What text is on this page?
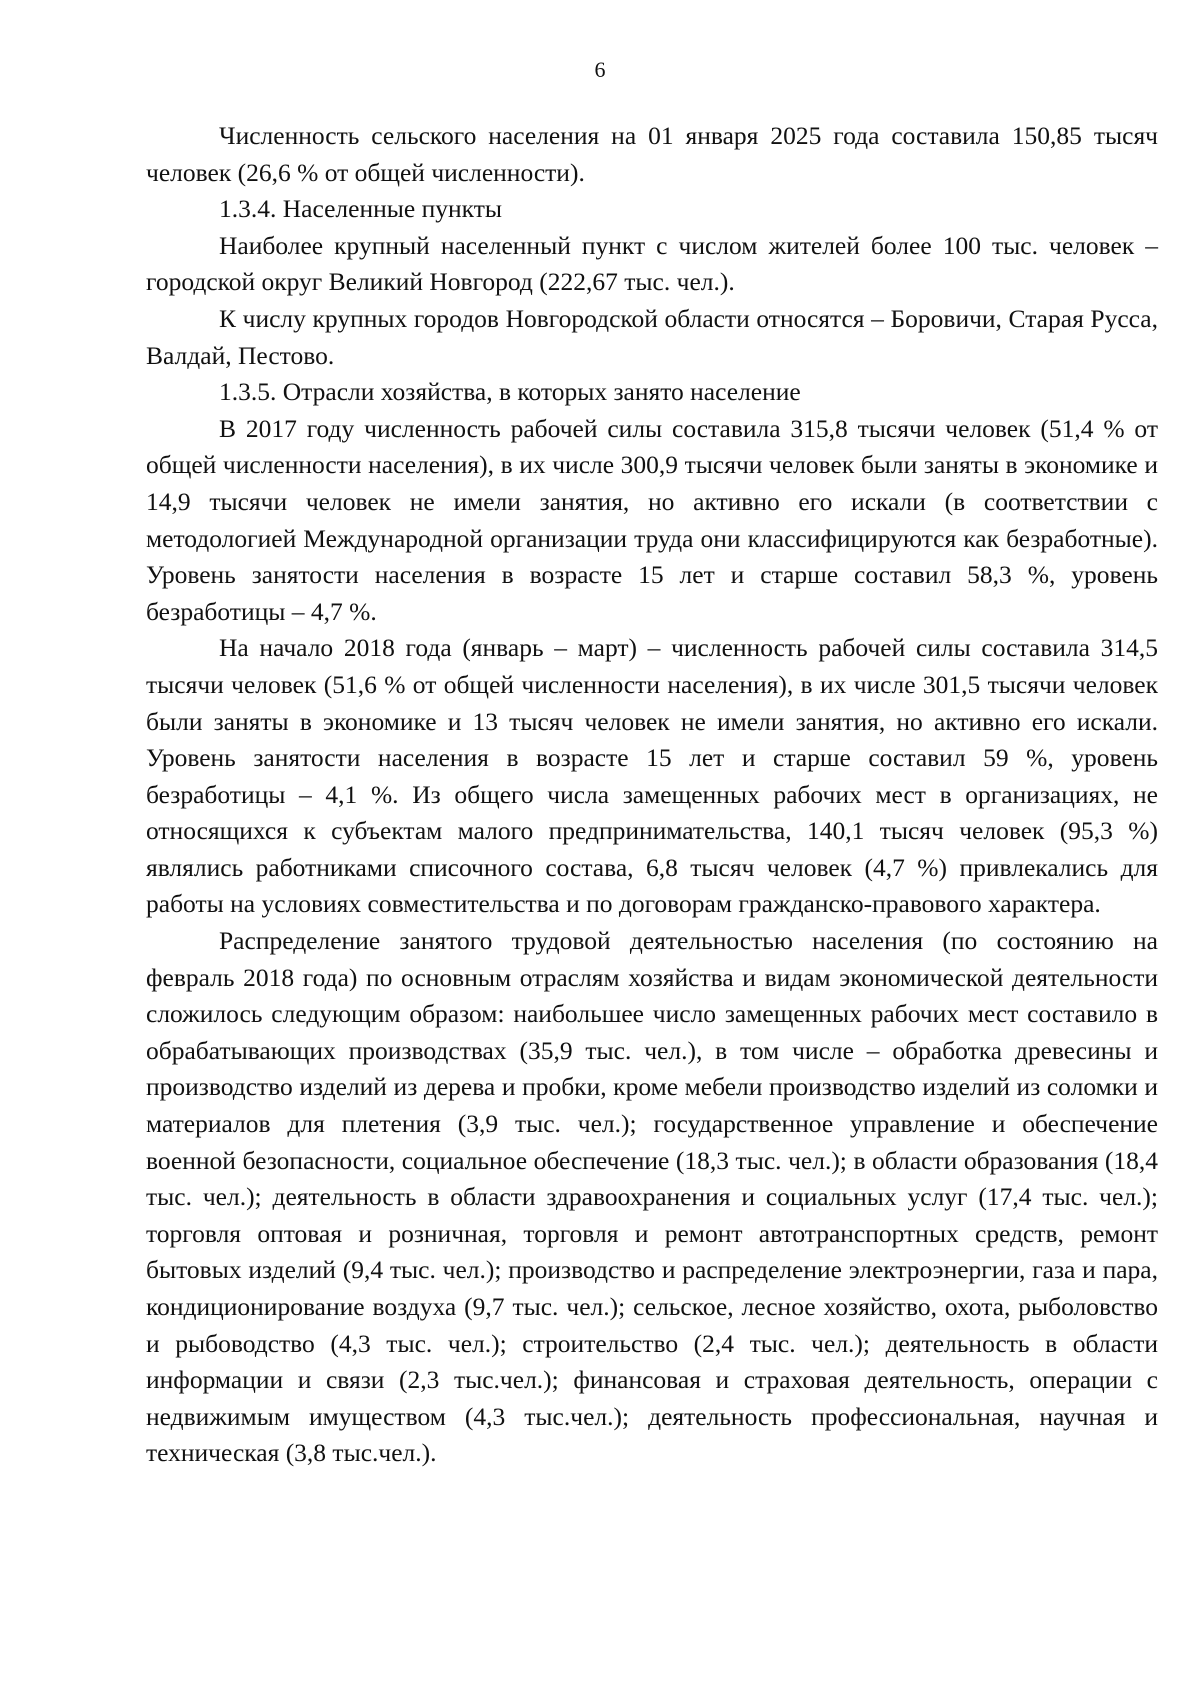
6

Численность сельского населения на 01 января 2025 года составила 150,85 тысяч человек (26,6 % от общей численности).

1.3.4. Населенные пункты

Наиболее крупный населенный пункт с числом жителей более 100 тыс. человек – городской округ Великий Новгород (222,67 тыс. чел.).

К числу крупных городов Новгородской области относятся – Боровичи, Старая Русса, Валдай, Пестово.

1.3.5. Отрасли хозяйства, в которых занято население

В 2017 году численность рабочей силы составила 315,8 тысячи человек (51,4 % от общей численности населения), в их числе 300,9 тысячи человек были заняты в экономике и 14,9 тысячи человек не имели занятия, но активно его искали (в соответствии с методологией Международной организации труда они классифицируются как безработные). Уровень занятости населения в возрасте 15 лет и старше составил 58,3 %, уровень безработицы – 4,7 %.

На начало 2018 года (январь – март) – численность рабочей силы составила 314,5 тысячи человек (51,6 % от общей численности населения), в их числе 301,5 тысячи человек были заняты в экономике и 13 тысяч человек не имели занятия, но активно его искали. Уровень занятости населения в возрасте 15 лет и старше составил 59 %, уровень безработицы – 4,1 %. Из общего числа замещенных рабочих мест в организациях, не относящихся к субъектам малого предпринимательства, 140,1 тысяч человек (95,3 %) являлись работниками списочного состава, 6,8 тысяч человек (4,7 %) привлекались для работы на условиях совместительства и по договорам гражданско-правового характера.

Распределение занятого трудовой деятельностью населения (по состоянию на февраль 2018 года) по основным отраслям хозяйства и видам экономической деятельности сложилось следующим образом: наибольшее число замещенных рабочих мест составило в обрабатывающих производствах (35,9 тыс. чел.), в том числе – обработка древесины и производство изделий из дерева и пробки, кроме мебели производство изделий из соломки и материалов для плетения (3,9 тыс. чел.); государственное управление и обеспечение военной безопасности, социальное обеспечение (18,3 тыс. чел.); в области образования (18,4 тыс. чел.); деятельность в области здравоохранения и социальных услуг (17,4 тыс. чел.); торговля оптовая и розничная, торговля и ремонт автотранспортных средств, ремонт бытовых изделий (9,4 тыс. чел.); производство и распределение электроэнергии, газа и пара, кондиционирование воздуха (9,7 тыс. чел.); сельское, лесное хозяйство, охота, рыболовство и рыбоводство (4,3 тыс. чел.); строительство (2,4 тыс. чел.); деятельность в области информации и связи (2,3 тыс.чел.); финансовая и страховая деятельность, операции с недвижимым имуществом (4,3 тыс.чел.); деятельность профессиональная, научная и техническая (3,8 тыс.чел.).
